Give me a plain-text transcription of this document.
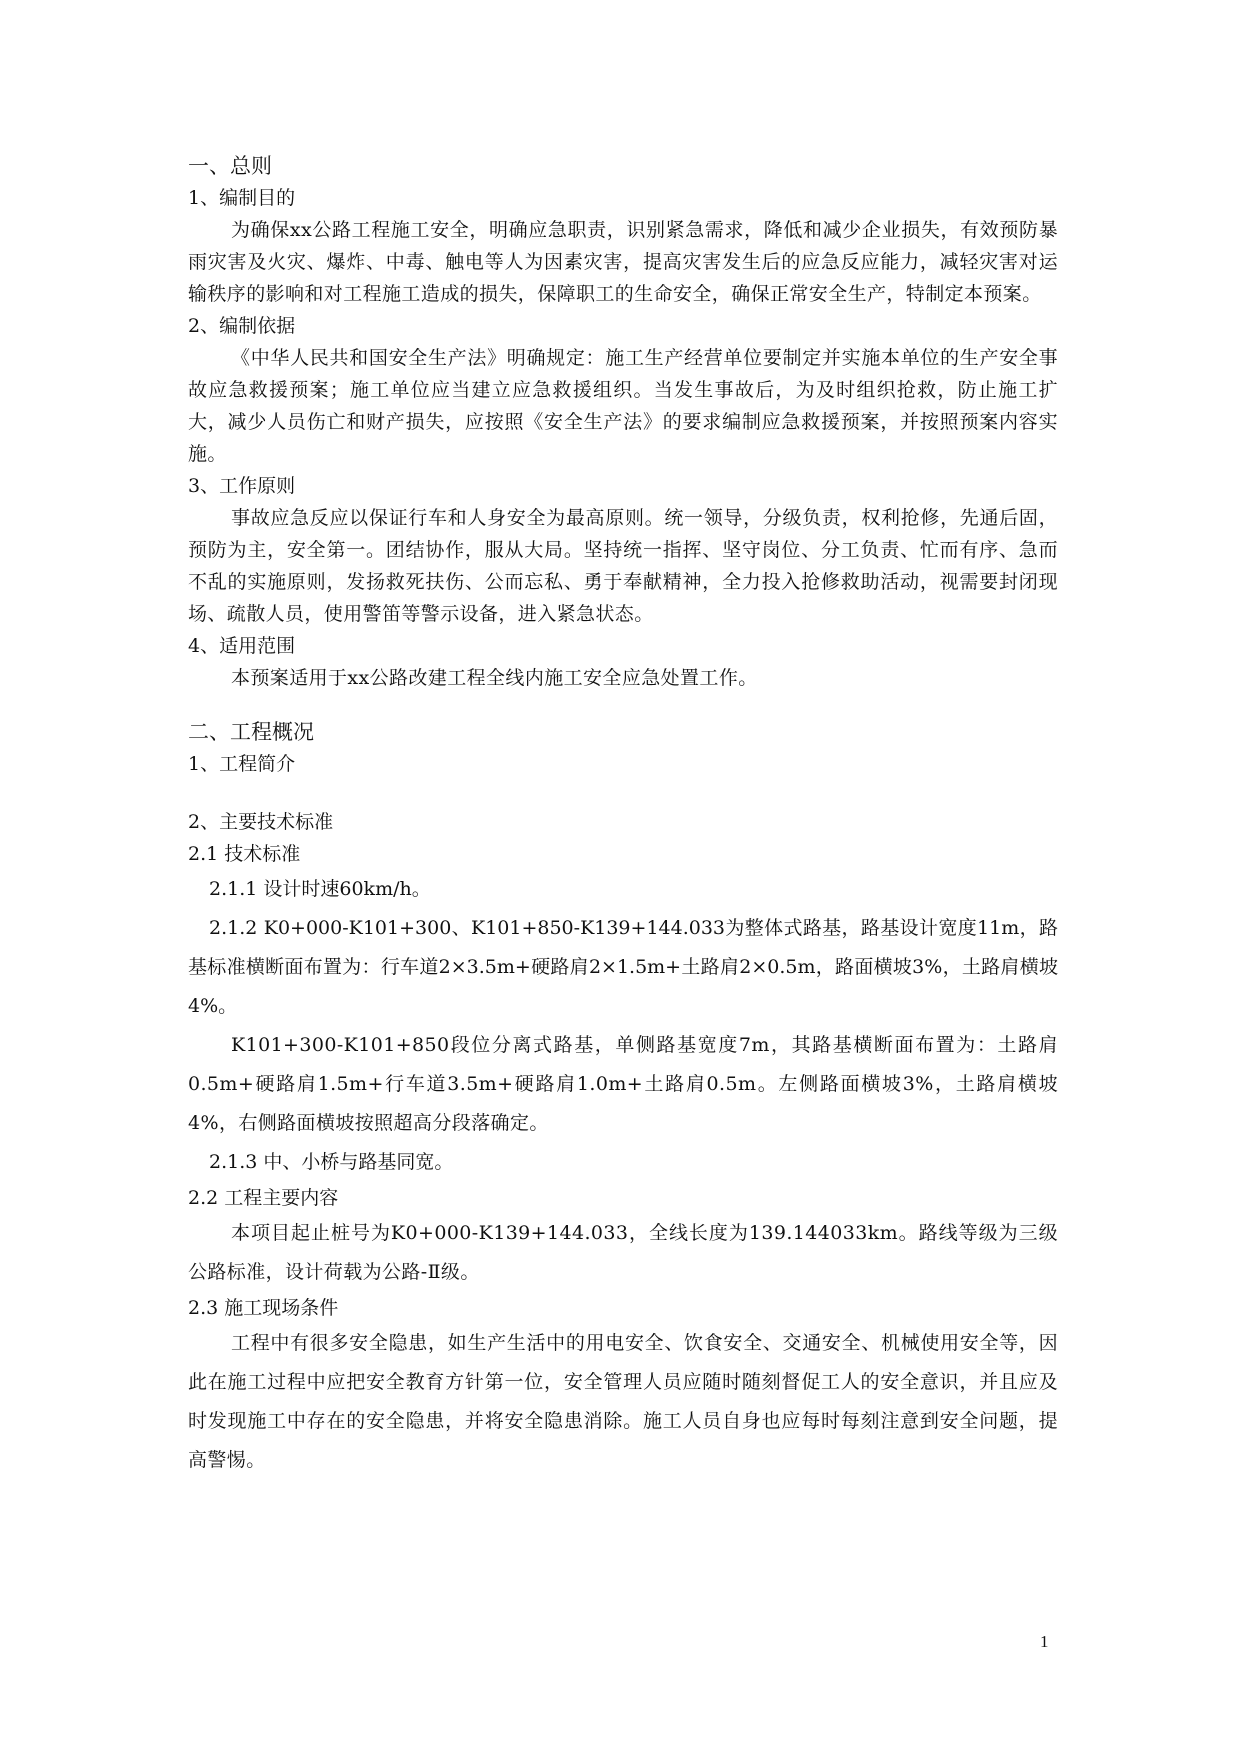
一、总则

1、编制目的

为确保xx公路工程施工安全，明确应急职责，识别紧急需求，降低和减少企业损失，有效预防暴雨灾害及火灾、爆炸、中毒、触电等人为因素灾害，提高灾害发生后的应急反应能力，减轻灾害对运输秩序的影响和对工程施工造成的损失，保障职工的生命安全，确保正常安全生产，特制定本预案。

2、编制依据

《中华人民共和国安全生产法》明确规定：施工生产经营单位要制定并实施本单位的生产安全事故应急救援预案；施工单位应当建立应急救援组织。当发生事故后，为及时组织抢救，防止施工扩大，减少人员伤亡和财产损失，应按照《安全生产法》的要求编制应急救援预案，并按照预案内容实施。

3、工作原则

事故应急反应以保证行车和人身安全为最高原则。统一领导，分级负责，权利抢修，先通后固，预防为主，安全第一。团结协作，服从大局。坚持统一指挥、坚守岗位、分工负责、忙而有序、急而不乱的实施原则，发扬救死扶伤、公而忘私、勇于奉献精神，全力投入抢修救助活动，视需要封闭现场、疏散人员，使用警笛等警示设备，进入紧急状态。

4、适用范围

本预案适用于xx公路改建工程全线内施工安全应急处置工作。

二、工程概况

1、工程简介

2、主要技术标准

2.1 技术标准

2.1.1 设计时速60km/h。

2.1.2 K0+000-K101+300、K101+850-K139+144.033为整体式路基，路基设计宽度11m，路基标准横断面布置为：行车道2×3.5m+硬路肩2×1.5m+土路肩2×0.5m，路面横坡3%，土路肩横坡4%。

K101+300-K101+850段位分离式路基，单侧路基宽度7m，其路基横断面布置为：土路肩0.5m+硬路肩1.5m+行车道3.5m+硬路肩1.0m+土路肩0.5m。左侧路面横坡3%，土路肩横坡4%，右侧路面横坡按照超高分段落确定。

2.1.3 中、小桥与路基同宽。

2.2 工程主要内容

本项目起止桩号为K0+000-K139+144.033，全线长度为139.144033km。路线等级为三级公路标准，设计荷载为公路-Ⅱ级。

2.3 施工现场条件

工程中有很多安全隐患，如生产生活中的用电安全、饮食安全、交通安全、机械使用安全等，因此在施工过程中应把安全教育方针第一位，安全管理人员应随时随刻督促工人的安全意识，并且应及时发现施工中存在的安全隐患，并将安全隐患消除。施工人员自身也应每时每刻注意到安全问题，提高警惕。

1
